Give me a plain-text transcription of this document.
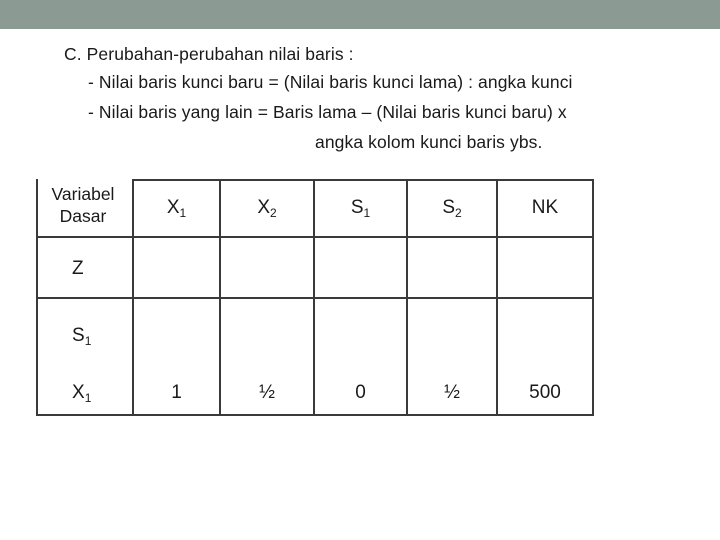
C. Perubahan-perubahan nilai baris :
- Nilai baris kunci baru = (Nilai baris kunci lama) : angka kunci
- Nilai baris yang lain = Baris lama – (Nilai baris kunci baru) x
angka kolom kunci baris ybs.
Variabel
Dasar	$X_1$	$X_2$	$S_1$	$S_2$	NK
Z
$S_1$
$X_1$	1	½	0	½	500
